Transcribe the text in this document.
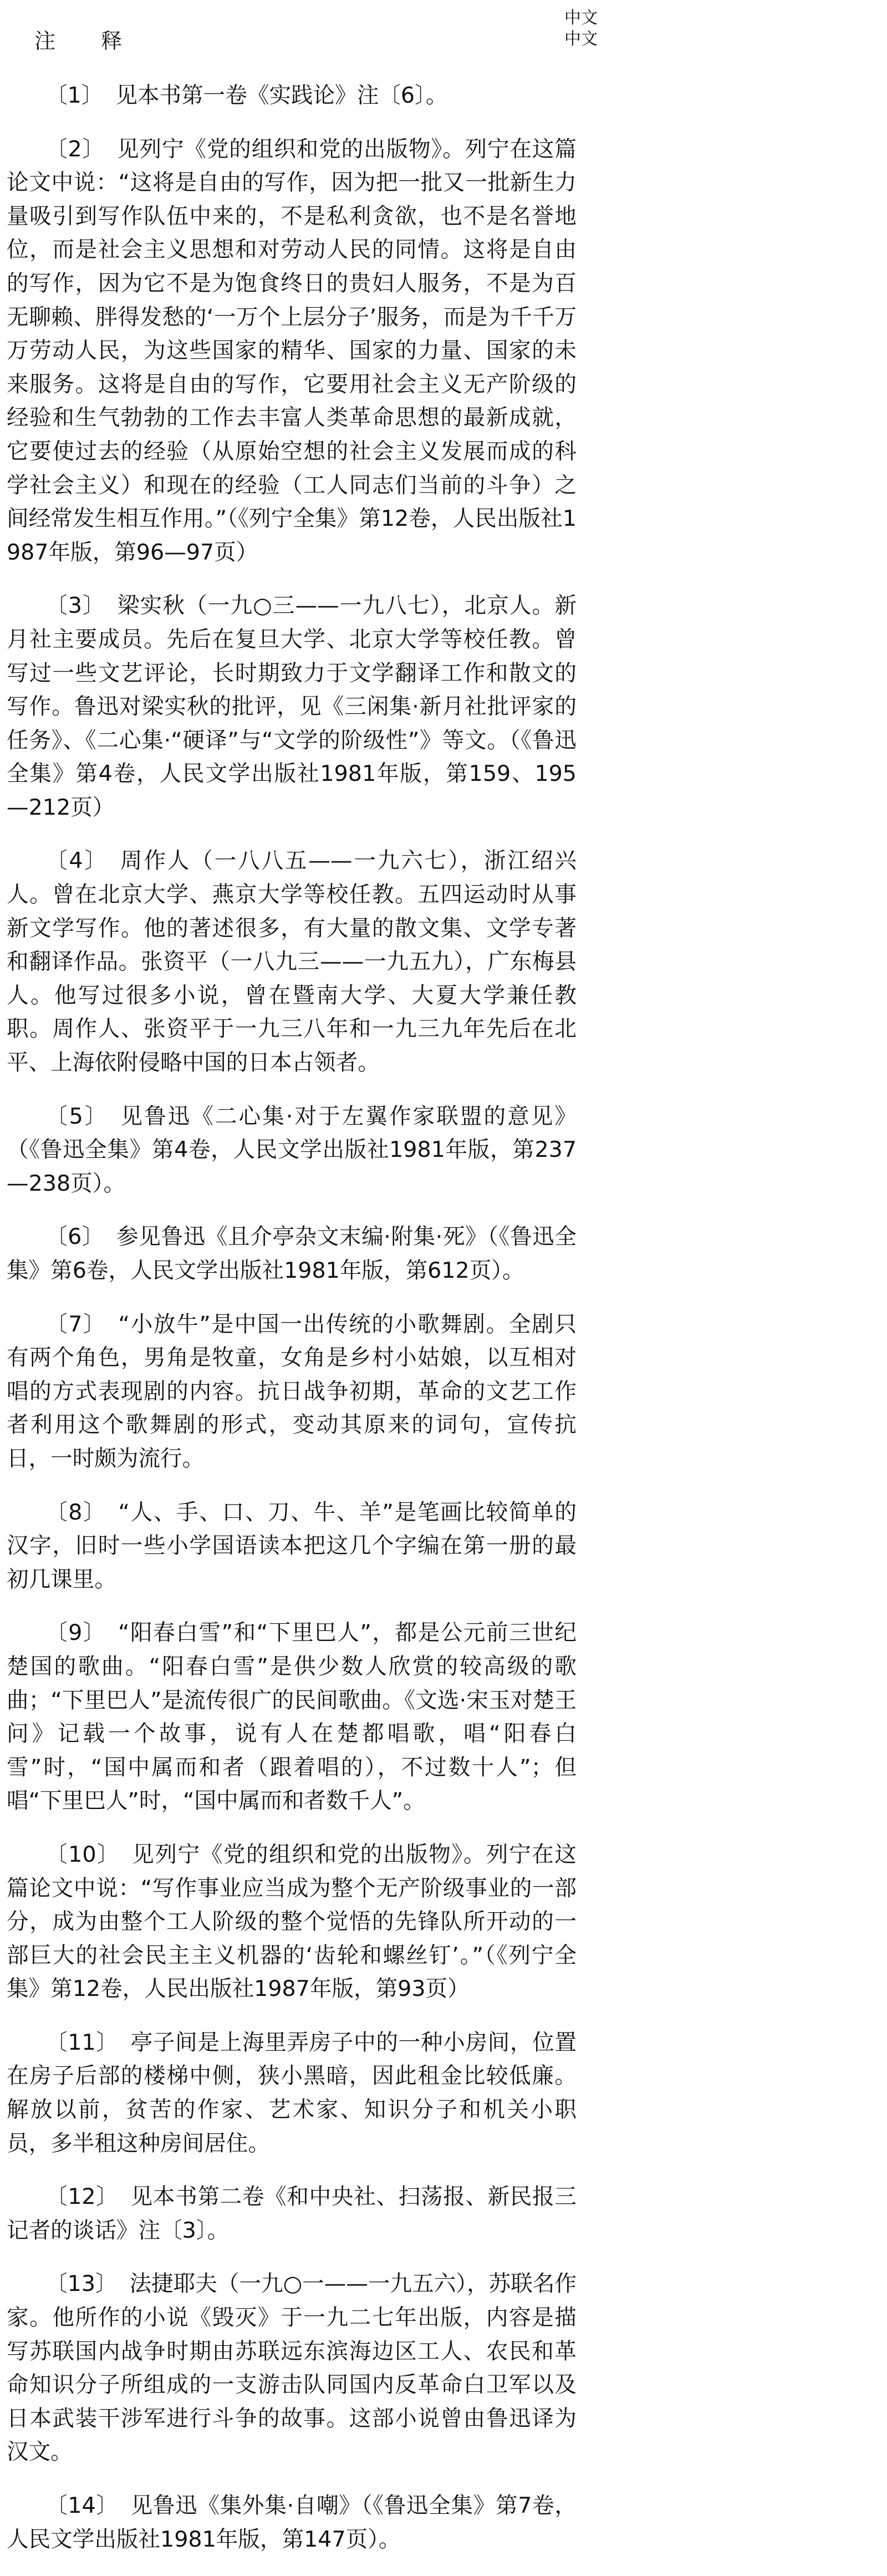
中文
中文
注　释
〔1〕 见本书第一卷《实践论》注〔6〕。
〔2〕 见列宁《党的组织和党的出版物》。列宁在这篇论文中说：“这将是自由的写作，因为把一批又一批新生力量吸引到写作队伍中来的，不是私利贪欲，也不是名誉地位，而是社会主义思想和对劳动人民的同情。这将是自由的写作，因为它不是为饱食终日的贵妇人服务，不是为百无聊赖、胖得发愁的‘一万个上层分子’服务，而是为千千万万劳动人民，为这些国家的精华、国家的力量、国家的未来服务。这将是自由的写作，它要用社会主义无产阶级的经验和生气勃勃的工作去丰富人类革命思想的最新成就，它要使过去的经验（从原始空想的社会主义发展而成的科学社会主义）和现在的经验（工人同志们当前的斗争）之间经常发生相互作用。”（《列宁全集》第12卷，人民出版社1987年版，第96—97页）
〔3〕 梁实秋（一九○三——一九八七），北京人。新月社主要成员。先后在复旦大学、北京大学等校任教。曾写过一些文艺评论，长时期致力于文学翻译工作和散文的写作。鲁迅对梁实秋的批评，见《三闲集·新月社批评家的任务》、《二心集·“硬译”与“文学的阶级性”》等文。（《鲁迅全集》第4卷，人民文学出版社1981年版，第159、195—212页）
〔4〕 周作人（一八八五——一九六七），浙江绍兴人。曾在北京大学、燕京大学等校任教。五四运动时从事新文学写作。他的著述很多，有大量的散文集、文学专著和翻译作品。张资平（一八九三——一九五九），广东梅县人。他写过很多小说，曾在暨南大学、大夏大学兼任教职。周作人、张资平于一九三八年和一九三九年先后在北平、上海依附侵略中国的日本占领者。
〔5〕 见鲁迅《二心集·对于左翼作家联盟的意见》（《鲁迅全集》第4卷，人民文学出版社1981年版，第237—238页）。
〔6〕 参见鲁迅《且介亭杂文末编·附集·死》（《鲁迅全集》第6卷，人民文学出版社1981年版，第612页）。
〔7〕 “小放牛”是中国一出传统的小歌舞剧。全剧只有两个角色，男角是牧童，女角是乡村小姑娘，以互相对唱的方式表现剧的内容。抗日战争初期，革命的文艺工作者利用这个歌舞剧的形式，变动其原来的词句，宣传抗日，一时颇为流行。
〔8〕 “人、手、口、刀、牛、羊”是笔画比较简单的汉字，旧时一些小学国语读本把这几个字编在第一册的最初几课里。
〔9〕 “阳春白雪”和“下里巴人”，都是公元前三世纪楚国的歌曲。“阳春白雪”是供少数人欣赏的较高级的歌曲；“下里巴人”是流传很广的民间歌曲。《文选·宋玉对楚王问》记载一个故事，说有人在楚都唱歌，唱“阳春白雪”时，“国中属而和者（跟着唱的），不过数十人”；但唱“下里巴人”时，“国中属而和者数千人”。
〔10〕 见列宁《党的组织和党的出版物》。列宁在这篇论文中说：“写作事业应当成为整个无产阶级事业的一部分，成为由整个工人阶级的整个觉悟的先锋队所开动的一部巨大的社会民主主义机器的‘齿轮和螺丝钉’。”（《列宁全集》第12卷，人民出版社1987年版，第93页）
〔11〕 亭子间是上海里弄房子中的一种小房间，位置在房子后部的楼梯中侧，狭小黑暗，因此租金比较低廉。解放以前，贫苦的作家、艺术家、知识分子和机关小职员，多半租这种房间居住。
〔12〕 见本书第二卷《和中央社、扫荡报、新民报三记者的谈话》注〔3〕。
〔13〕 法捷耶夫（一九○一——一九五六），苏联名作家。他所作的小说《毁灭》于一九二七年出版，内容是描写苏联国内战争时期由苏联远东滨海边区工人、农民和革命知识分子所组成的一支游击队同国内反革命白卫军以及日本武装干涉军进行斗争的故事。这部小说曾由鲁迅译为汉文。
〔14〕 见鲁迅《集外集·自嘲》（《鲁迅全集》第7卷，人民文学出版社1981年版，第147页）。
